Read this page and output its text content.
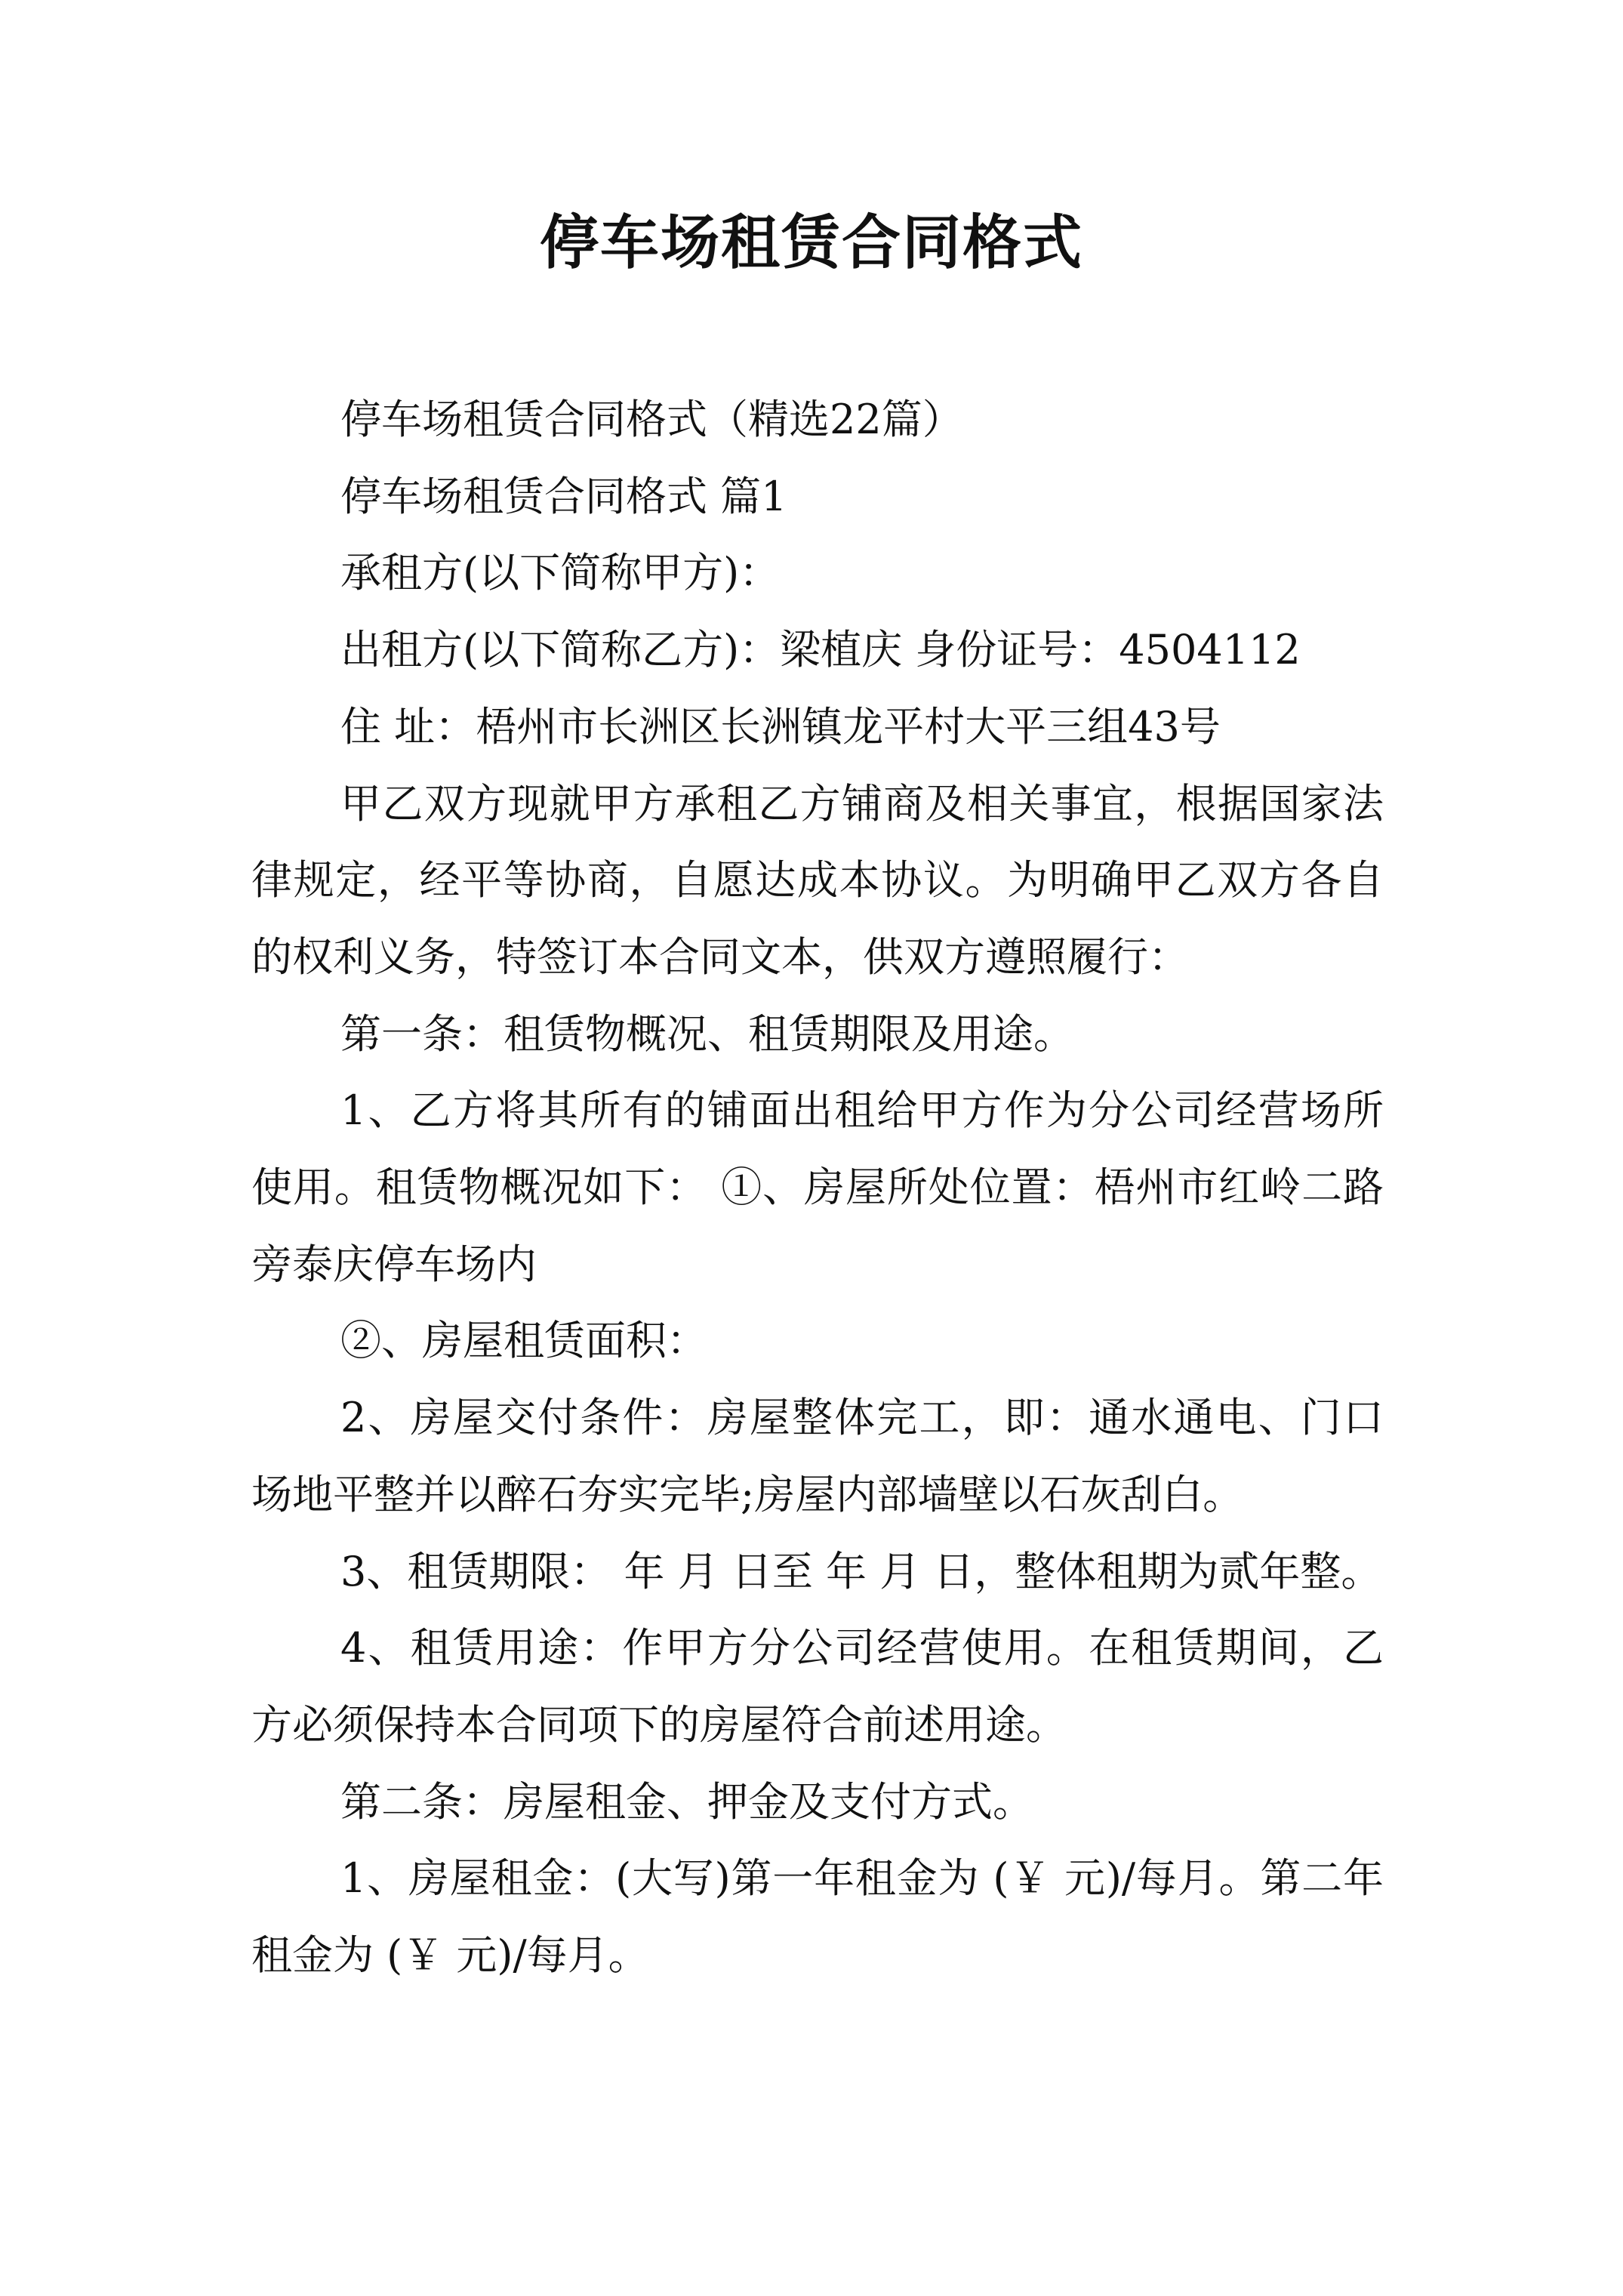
停车场租赁合同格式

停车场租赁合同格式（精选22篇）

停车场租赁合同格式 篇1

承租方(以下简称甲方)：

出租方(以下简称乙方)：梁植庆 身份证号：4504112

住 址：梧州市长洲区长洲镇龙平村大平三组43号

甲乙双方现就甲方承租乙方铺商及相关事宜，根据国家法律规定，经平等协商，自愿达成本协议。为明确甲乙双方各自的权利义务，特签订本合同文本，供双方遵照履行：

第一条：租赁物概况、租赁期限及用途。

1、乙方将其所有的铺面出租给甲方作为分公司经营场所使用。租赁物概况如下： ①、房屋所处位置：梧州市红岭二路旁泰庆停车场内

②、房屋租赁面积：

2、房屋交付条件：房屋整体完工，即：通水通电、门口场地平整并以醉石夯实完毕;房屋内部墙壁以石灰刮白。

3、租赁期限： 年 月 日至 年 月 日，整体租期为贰年整。

4、租赁用途：作甲方分公司经营使用。在租赁期间，乙方必须保持本合同项下的房屋符合前述用途。

第二条：房屋租金、押金及支付方式。

1、房屋租金：(大写)第一年租金为 (￥ 元)/每月。第二年租金为 (￥ 元)/每月。
